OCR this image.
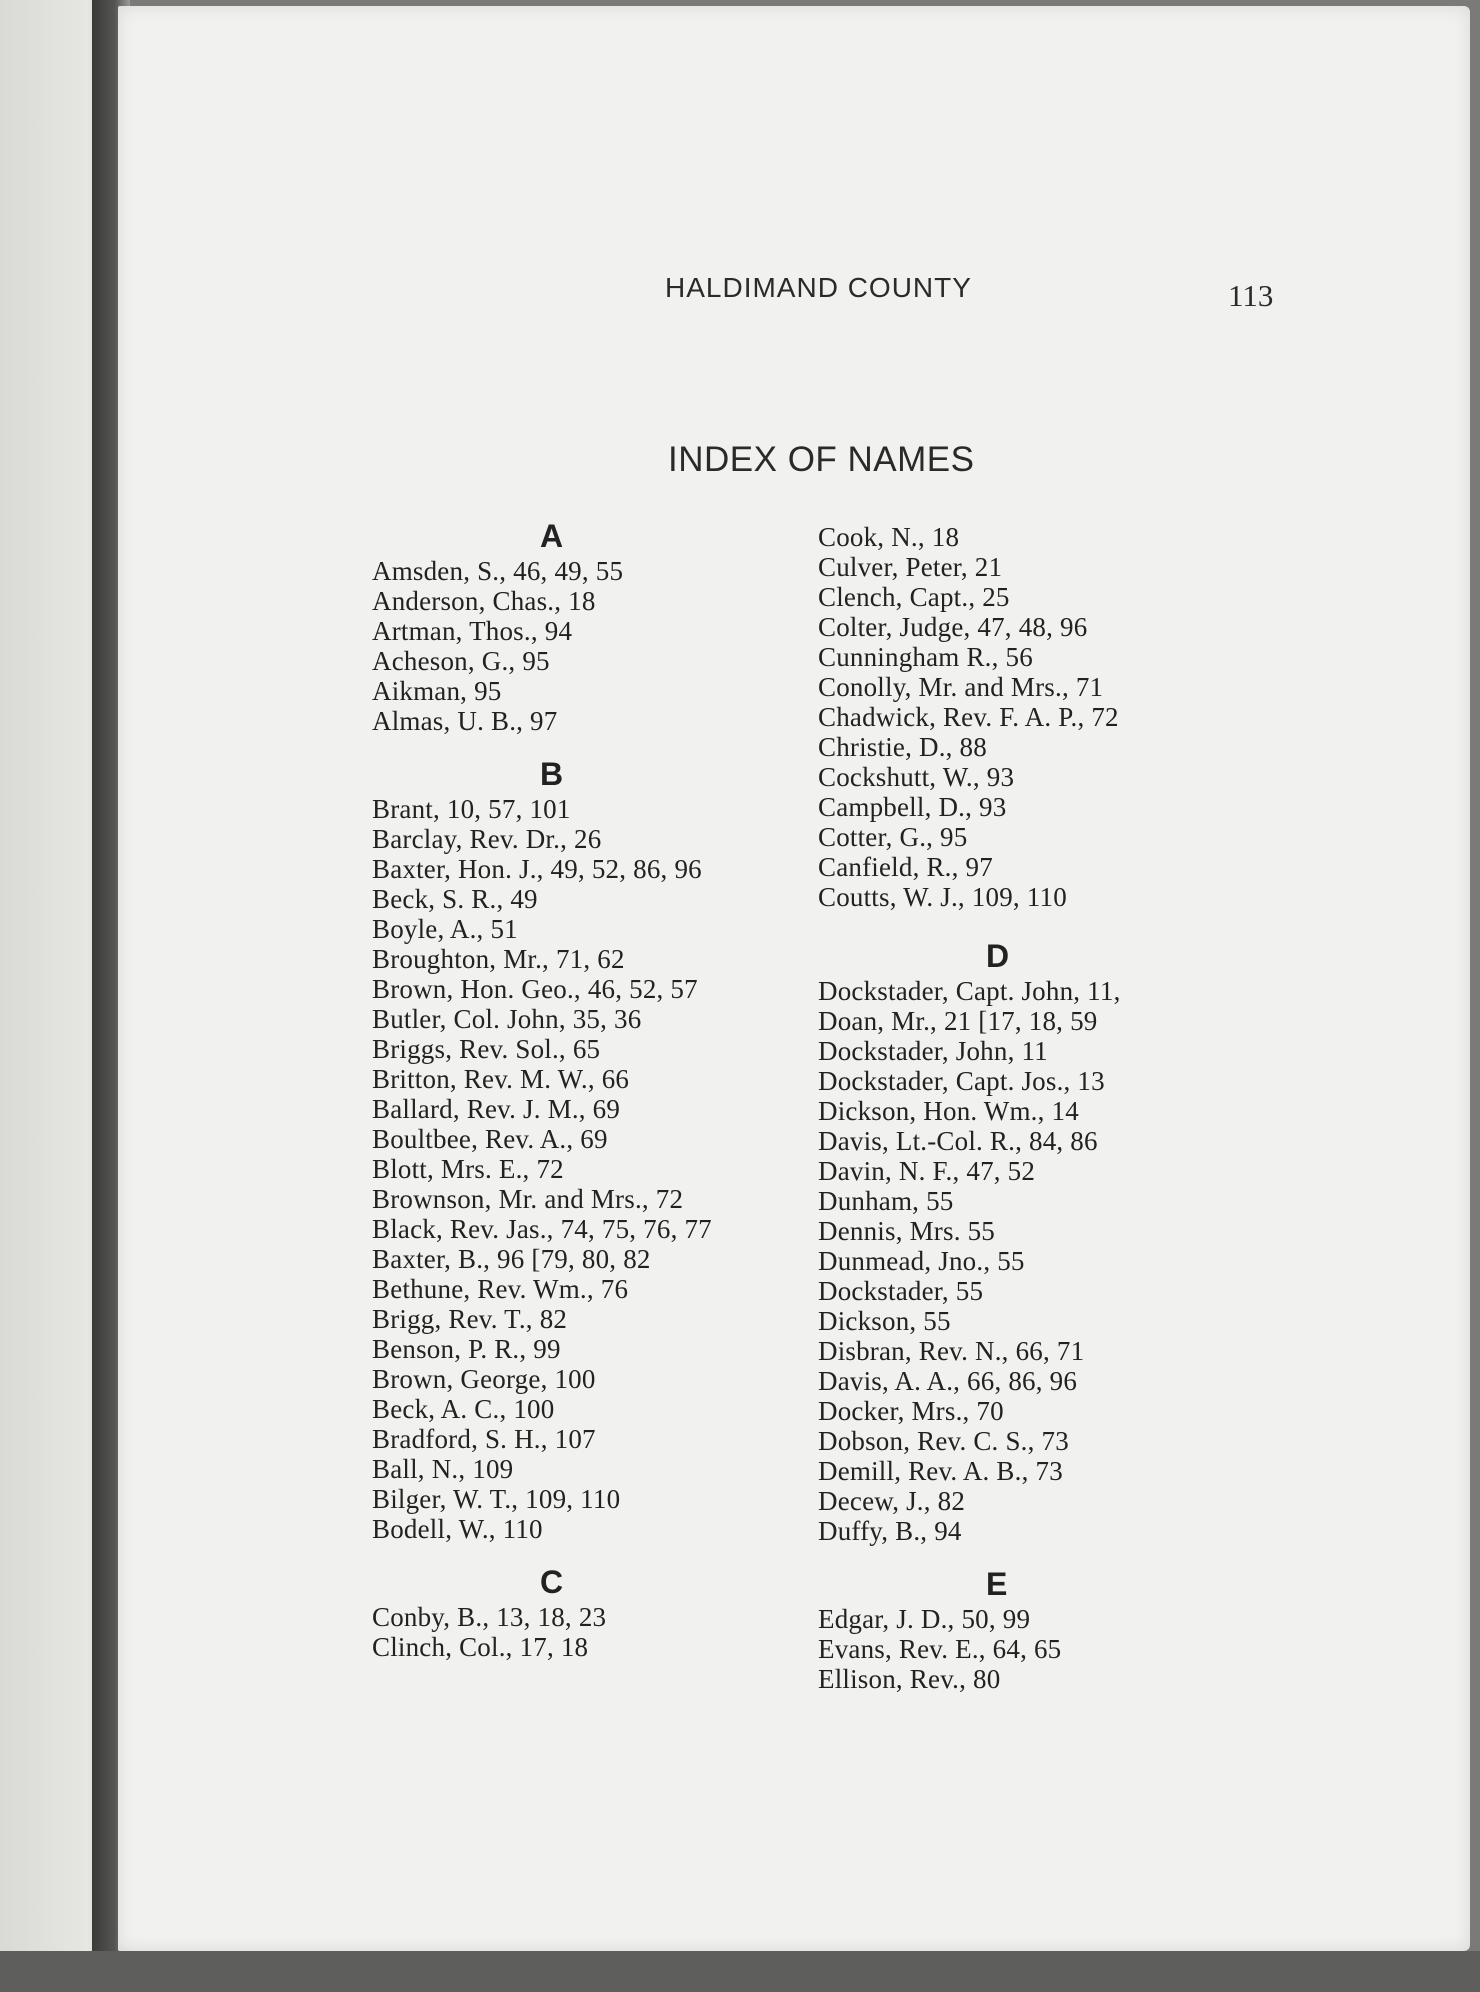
HALDIMAND COUNTY	113
INDEX OF NAMES
A
Amsden, S., 46, 49, 55
Anderson, Chas., 18
Artman, Thos., 94
Acheson, G., 95
Aikman, 95
Almas, U. B., 97
B
Brant, 10, 57, 101
Barclay, Rev. Dr., 26
Baxter, Hon. J., 49, 52, 86, 96
Beck, S. R., 49
Boyle, A., 51
Broughton, Mr., 71, 62
Brown, Hon. Geo., 46, 52, 57
Butler, Col. John, 35, 36
Briggs, Rev. Sol., 65
Britton, Rev. M. W., 66
Ballard, Rev. J. M., 69
Boultbee, Rev. A., 69
Blott, Mrs. E., 72
Brownson, Mr. and Mrs., 72
Black, Rev. Jas., 74, 75, 76, 77
Baxter, B., 96 [79, 80, 82
Bethune, Rev. Wm., 76
Brigg, Rev. T., 82
Benson, P. R., 99
Brown, George, 100
Beck, A. C., 100
Bradford, S. H., 107
Ball, N., 109
Bilger, W. T., 109, 110
Bodell, W., 110
C
Conby, B., 13, 18, 23
Clinch, Col., 17, 18
Cook, N., 18
Culver, Peter, 21
Clench, Capt., 25
Colter, Judge, 47, 48, 96
Cunningham R., 56
Conolly, Mr. and Mrs., 71
Chadwick, Rev. F. A. P., 72
Christie, D., 88
Cockshutt, W., 93
Campbell, D., 93
Cotter, G., 95
Canfield, R., 97
Coutts, W. J., 109, 110
D
Dockstader, Capt. John, 11,
Doan, Mr., 21 [17, 18, 59
Dockstader, John, 11
Dockstader, Capt. Jos., 13
Dickson, Hon. Wm., 14
Davis, Lt.-Col. R., 84, 86
Davin, N. F., 47, 52
Dunham, 55
Dennis, Mrs. 55
Dunmead, Jno., 55
Dockstader, 55
Dickson, 55
Disbran, Rev. N., 66, 71
Davis, A. A., 66, 86, 96
Docker, Mrs., 70
Dobson, Rev. C. S., 73
Demill, Rev. A. B., 73
Decew, J., 82
Duffy, B., 94
E
Edgar, J. D., 50, 99
Evans, Rev. E., 64, 65
Ellison, Rev., 80
